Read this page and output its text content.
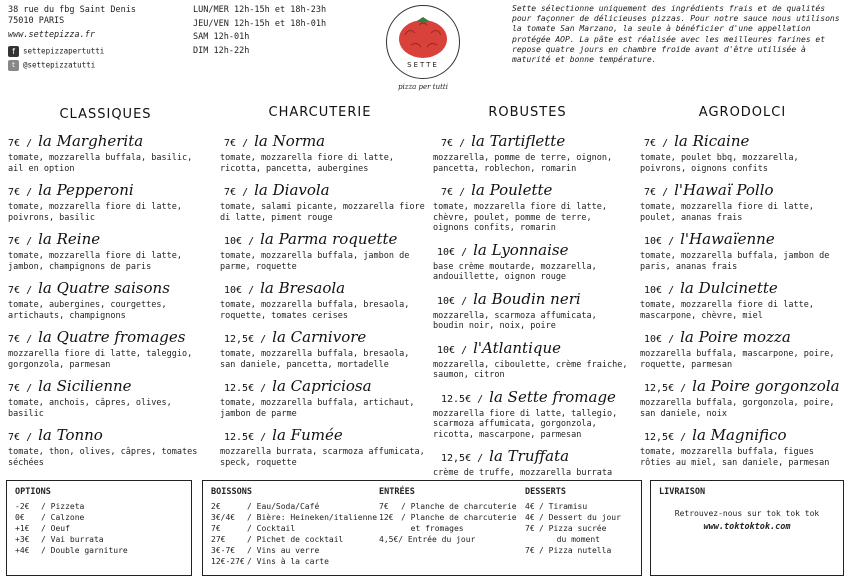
38 rue du fbg Saint Denis
75010 PARIS
www.settepizza.fr
f settepizzapertutti
t @settepizzatutti
LUN/MER 12h-15h et 18h-23h
JEU/VEN 12h-15h et 18h-01h
SAM 12h-01h
DIM 12h-22h
SETTE
pizza per tutti
Sette sélectionne uniquement des ingrédients frais et de qualités pour façonner de délicieuses pizzas. Pour notre sauce nous utilisons la tomate San Marzano, la seule à bénéficier d'une appellation protégée AOP. La pâte est réalisée avec les meilleures farines et repose quatre jours en chambre froide avant d'être utilisée à maturité et bonne température.
CLASSIQUES	CHARCUTERIE	ROBUSTES	AGRODOLCI
7€ / la Margherita
tomate, mozzarella buffala, basilic, ail en option
7€ / la Pepperoni
tomate, mozzarella fiore di latte, poivrons, basilic
7€ / la Reine
tomate, mozzarella fiore di latte, jambon, champignons de paris
7€ / la Quatre saisons
tomate, aubergines, courgettes, artichauts, champignons
7€ / la Quatre fromages
mozzarella fiore di latte, taleggio, gorgonzola, parmesan
7€ / la Sicilienne
tomate, anchois, câpres, olives, basilic
7€ / la Tonno
tomate, thon, olives, câpres, tomates séchées
7€ / la Norma
tomate, mozzarella fiore di latte, ricotta, pancetta, aubergines
7€ / la Diavola
tomate, salami picante, mozzarella fiore di latte, piment rouge
10€ / la Parma roquette
tomate, mozzarella buffala, jambon de parme, roquette
10€ / la Bresaola
tomate, mozzarella buffala, bresaola, roquette, tomates cerises
12,5€ / la Carnivore
tomate, mozzarella buffala, bresaola, san daniele, pancetta, mortadelle
12.5€ / la Capriciosa
tomate, mozzarella buffala, artichaut, jambon de parme
12.5€ / la Fumée
mozzarella burrata, scarmoza affumicata, speck, roquette
7€ / la Tartiflette
mozzarella, pomme de terre, oignon, pancetta, roblechon, romarin
7€ / la Poulette
tomate, mozzarella fiore di latte, chèvre, poulet, pomme de terre, oignons confits, romarin
10€ / la Lyonnaise
base crème moutarde, mozzarella, andouillette, oignon rouge
10€ / la Boudin neri
mozzarella, scarmoza affumicata, boudin noir, noix, poire
10€ / l'Atlantique
mozzarella, ciboulette, crème fraiche, saumon, citron
12.5€ / la Sette fromage
mozzarella fiore di latte, tallegio, scarmoza affumicata, gorgonzola, ricotta, mascarpone, parmesan
12,5€ / la Truffata
crème de truffe, mozzarella burrata
7€ / la Ricaine
tomate, poulet bbq, mozzarella, poivrons, oignons confits
7€ / l'Hawaï Pollo
tomate, mozzarella fiore di latte, poulet, ananas frais
10€ / l'Hawaïenne
tomate, mozzarella buffala, jambon de paris, ananas frais
10€ / la Dulcinette
tomate, mozzarella fiore di latte, mascarpone, chèvre, miel
10€ / la Poire mozza
mozzarella buffala, mascarpone, poire, roquette, parmesan
12,5€ / la Poire gorgonzola
mozzarella buffala, gorgonzola, poire, san daniele, noix
12,5€ / la Magnifico
tomate, mozzarella buffala, figues rôties au miel, san daniele, parmesan
OPTIONS
-2€ / Pizzeta
0€ / Calzone
+1€ / Oeuf
+3€ / Vai burrata
+4€ / Double garniture
BOISSONS
2€	/ Eau/Soda/Café
3€/4€ / Bière: Heineken/italienne
7€	/ Cocktail
27€	/ Pichet de cocktail
3€-7€ / Vins au verre
12€-27€ / Vins à la carte
ENTRÉES
7€ / Planche de charcuterie
12€ / Planche de charcuterie
et fromages
4,5€/ Entrée du jour
DESSERTS
4€ / Tiramisu
4€ / Dessert du jour
7€ / Pizza sucrée
du moment
7€ / Pizza nutella
LIVRAISON
Retrouvez-nous sur tok tok tok
www.toktoktok.com
